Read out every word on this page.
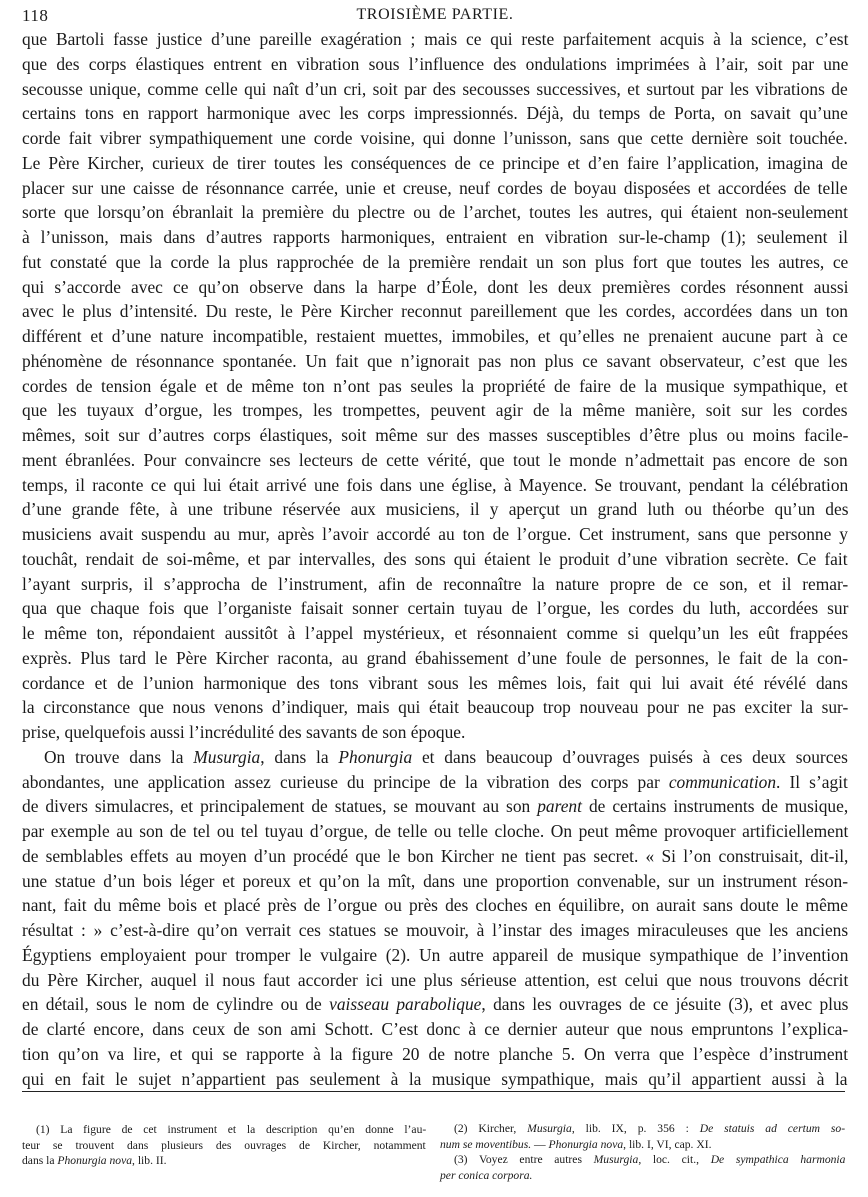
118	TROISIÈME PARTIE.
que Bartoli fasse justice d’une pareille exagération ; mais ce qui reste parfaitement acquis à la science, c’est
que des corps élastiques entrent en vibration sous l’influence des ondulations imprimées à l’air, soit par une
secousse unique, comme celle qui naît d’un cri, soit par des secousses successives, et surtout par les vibrations de
certains tons en rapport harmonique avec les corps impressionnés. Déjà, du temps de Porta, on savait qu’une
corde fait vibrer sympathiquement une corde voisine, qui donne l’unisson, sans que cette dernière soit touchée.
Le Père Kircher, curieux de tirer toutes les conséquences de ce principe et d’en faire l’application, imagina de
placer sur une caisse de résonnance carrée, unie et creuse, neuf cordes de boyau disposées et accordées de telle
sorte que lorsqu’on ébranlait la première du plectre ou de l’archet, toutes les autres, qui étaient non-seulement
à l’unisson, mais dans d’autres rapports harmoniques, entraient en vibration sur-le-champ (1); seulement il
fut constaté que la corde la plus rapprochée de la première rendait un son plus fort que toutes les autres, ce
qui s’accorde avec ce qu’on observe dans la harpe d’Éole, dont les deux premières cordes résonnent aussi
avec le plus d’intensité. Du reste, le Père Kircher reconnut pareillement que les cordes, accordées dans un ton
différent et d’une nature incompatible, restaient muettes, immobiles, et qu’elles ne prenaient aucune part à ce
phénomène de résonnance spontanée. Un fait que n’ignorait pas non plus ce savant observateur, c’est que les
cordes de tension égale et de même ton n’ont pas seules la propriété de faire de la musique sympathique, et
que les tuyaux d’orgue, les trompes, les trompettes, peuvent agir de la même manière, soit sur les cordes
mêmes, soit sur d’autres corps élastiques, soit même sur des masses susceptibles d’être plus ou moins facile-
ment ébranlées. Pour convaincre ses lecteurs de cette vérité, que tout le monde n’admettait pas encore de son
temps, il raconte ce qui lui était arrivé une fois dans une église, à Mayence. Se trouvant, pendant la célébration
d’une grande fête, à une tribune réservée aux musiciens, il y aperçut un grand luth ou théorbe qu’un des
musiciens avait suspendu au mur, après l’avoir accordé au ton de l’orgue. Cet instrument, sans que personne y
touchât, rendait de soi-même, et par intervalles, des sons qui étaient le produit d’une vibration secrète. Ce fait
l’ayant surpris, il s’approcha de l’instrument, afin de reconnaître la nature propre de ce son, et il remar-
qua que chaque fois que l’organiste faisait sonner certain tuyau de l’orgue, les cordes du luth, accordées sur
le même ton, répondaient aussitôt à l’appel mystérieux, et résonnaient comme si quelqu’un les eût frappées
exprès. Plus tard le Père Kircher raconta, au grand ébahissement d’une foule de personnes, le fait de la con-
cordance et de l’union harmonique des tons vibrant sous les mêmes lois, fait qui lui avait été révélé dans
la circonstance que nous venons d’indiquer, mais qui était beaucoup trop nouveau pour ne pas exciter la sur-
prise, quelquefois aussi l’incrédulité des savants de son époque.
On trouve dans la Musurgia, dans la Phonurgia et dans beaucoup d’ouvrages puisés à ces deux sources
abondantes, une application assez curieuse du principe de la vibration des corps par communication. Il s’agit
de divers simulacres, et principalement de statues, se mouvant au son parent de certains instruments de musique,
par exemple au son de tel ou tel tuyau d’orgue, de telle ou telle cloche. On peut même provoquer artificiellement
de semblables effets au moyen d’un procédé que le bon Kircher ne tient pas secret. « Si l’on construisait, dit-il,
une statue d’un bois léger et poreux et qu’on la mît, dans une proportion convenable, sur un instrument réson-
nant, fait du même bois et placé près de l’orgue ou près des cloches en équilibre, on aurait sans doute le même
résultat : » c’est-à-dire qu’on verrait ces statues se mouvoir, à l’instar des images miraculeuses que les anciens
Égyptiens employaient pour tromper le vulgaire (2). Un autre appareil de musique sympathique de l’invention
du Père Kircher, auquel il nous faut accorder ici une plus sérieuse attention, est celui que nous trouvons décrit
en détail, sous le nom de cylindre ou de vaisseau parabolique, dans les ouvrages de ce jésuite (3), et avec plus
de clarté encore, dans ceux de son ami Schott. C’est donc à ce dernier auteur que nous empruntons l’explica-
tion qu’on va lire, et qui se rapporte à la figure 20 de notre planche 5. On verra que l’espèce d’instrument
qui en fait le sujet n’appartient pas seulement à la musique sympathique, mais qu’il appartient aussi à la
(1) La figure de cet instrument et la description qu’en donne l’au-
teur se trouvent dans plusieurs des ouvrages de Kircher, notamment
dans la Phonurgia nova, lib. II.
(2) Kircher, Musurgia, lib. IX, p. 356 : De statuis ad certum so-
num se moventibus. — Phonurgia nova, lib. I, VI, cap. XI.
(3) Voyez entre autres Musurgia, loc. cit., De sympathica harmonia
per conica corpora.
